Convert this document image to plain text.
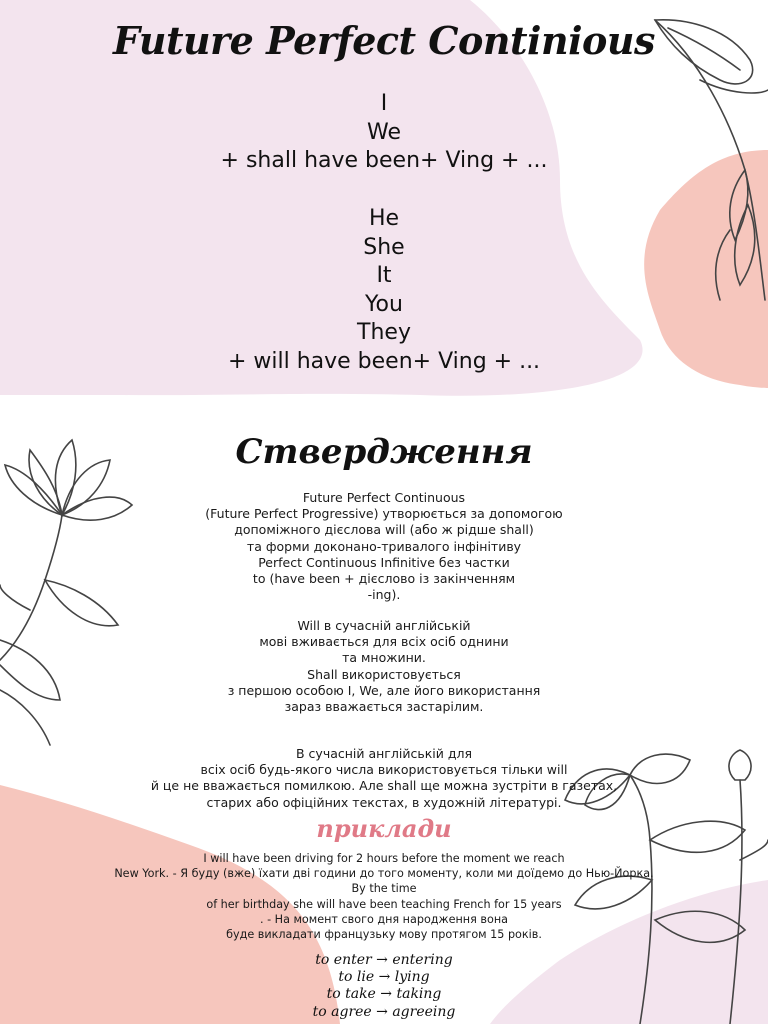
Future Perfect Continious
I
We
+ shall have been+ Ving + ...
He
She
It
You
They
+ will have been+ Ving + ...
Ствердження
Future Perfect Continuous
(Future Perfect Progressive) утворюється за допомогою
допоміжного дієслова will (або ж рідше shall)
та форми доконано-тривалого інфінітиву
Perfect Continuous Infinitive без частки
to (have been + дієслово із закінченням
-ing).
Will в сучасній англійській
мові вживається для всіх осіб однини
та множини.
Shall використовується
з першою особою I, We, але його використання
зараз вважається застарілим.
В сучасній англійській для
всіх осіб будь-якого числа використовується тільки will
й це не вважається помилкою. Але shall ще можна зустріти в газетах,
старих або офіційних текстах, в художній літературі.
приклади
I will have been driving for 2 hours before the moment we reach
New York. - Я буду (вже) їхати дві години до того моменту, коли ми доїдемо до Нью-Йорка.
By the time
of her birthday she will have been teaching French for 15 years
. - На момент свого дня народження вона
буде викладати французьку мову протягом 15 років.
to enter → entering
to lie → lying
to take → taking
to agree → agreeing
